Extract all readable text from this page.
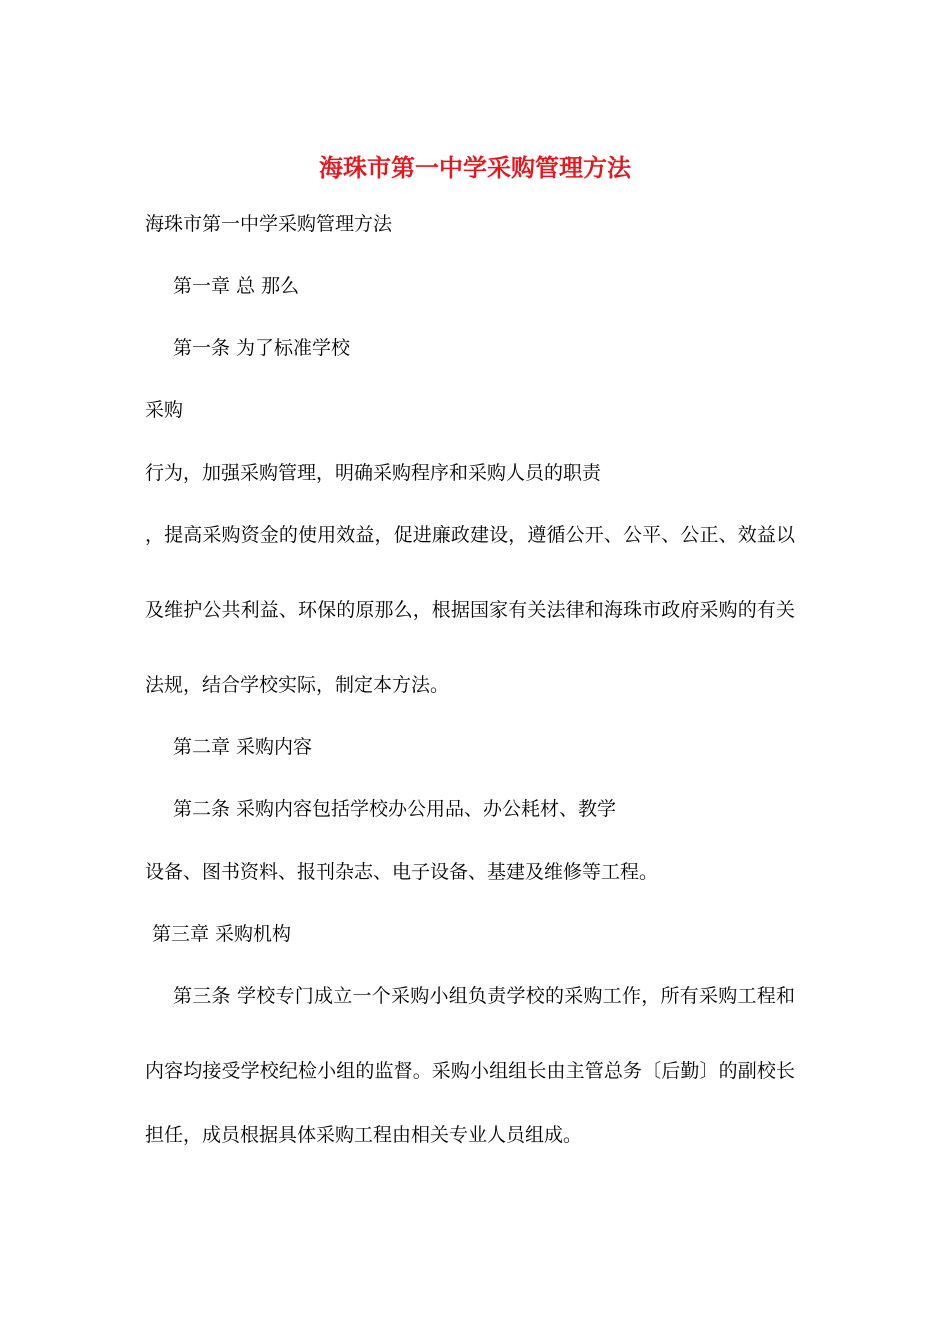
海珠市第一中学采购管理方法

海珠市第一中学采购管理方法

第一章 总 那么

第一条 为了标准学校

采购

行为，加强采购管理，明确采购程序和采购人员的职责

，提高采购资金的使用效益，促进廉政建设，遵循公开、公平、公正、效益以

及维护公共利益、环保的原那么，根据国家有关法律和海珠市政府采购的有关

法规，结合学校实际，制定本方法。

第二章 采购内容

第二条 采购内容包括学校办公用品、办公耗材、教学

设备、图书资料、报刊杂志、电子设备、基建及维修等工程。

第三章 采购机构

第三条 学校专门成立一个采购小组负责学校的采购工作，所有采购工程和

内容均接受学校纪检小组的监督。采购小组组长由主管总务〔后勤〕的副校长

担任，成员根据具体采购工程由相关专业人员组成。
